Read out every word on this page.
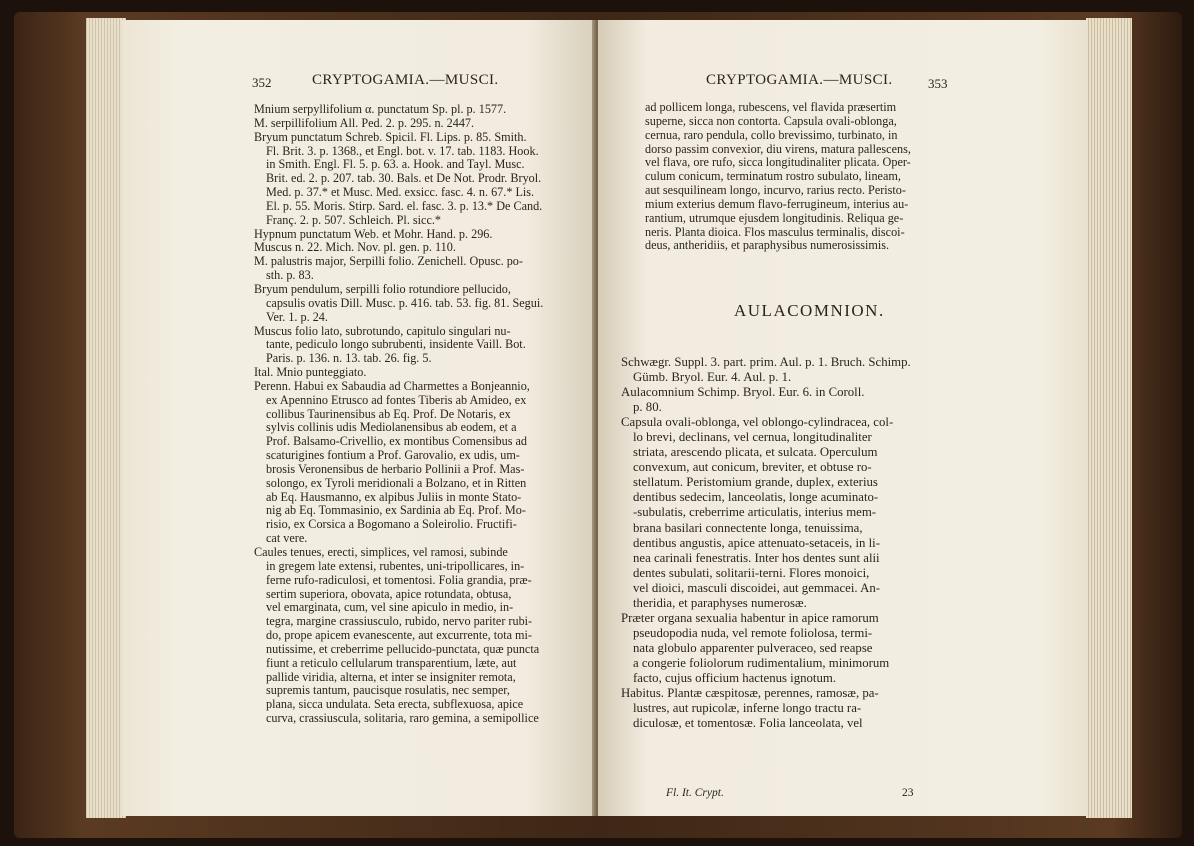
352	CRYPTOGAMIA.—MUSCI.
Mnium serpyllifolium α. punctatum Sp. pl. p. 1577.
M. serpillifolium All. Ped. 2. p. 295. n. 2447.
Bryum punctatum Schreb. Spicil. Fl. Lips. p. 85. Smith.
Fl. Brit. 3. p. 1368., et Engl. bot. v. 17. tab. 1183. Hook.
in Smith. Engl. Fl. 5. p. 63. a. Hook. and Tayl. Musc.
Brit. ed. 2. p. 207. tab. 30. Bals. et De Not. Prodr. Bryol.
Med. p. 37.* et Musc. Med. exsicc. fasc. 4. n. 67.* Lis.
El. p. 55. Moris. Stirp. Sard. el. fasc. 3. p. 13.* De Cand.
Franç. 2. p. 507. Schleich. Pl. sicc.*
Hypnum punctatum Web. et Mohr. Hand. p. 296.
Muscus n. 22. Mich. Nov. pl. gen. p. 110.
M. palustris major, Serpilli folio. Zenichell. Opusc. po-
sth. p. 83.
Bryum pendulum, serpilli folio rotundiore pellucido,
capsulis ovatis Dill. Musc. p. 416. tab. 53. fig. 81. Segui.
Ver. 1. p. 24.
Muscus folio lato, subrotundo, capitulo singulari nu-
tante, pediculo longo subrubenti, insidente Vaill. Bot.
Paris. p. 136. n. 13. tab. 26. fig. 5.
Ital. Mnio punteggiato.
Perenn. Habui ex Sabaudia ad Charmettes a Bonjeannio,
ex Apennino Etrusco ad fontes Tiberis ab Amideo, ex
collibus Taurinensibus ab Eq. Prof. De Notaris, ex
sylvis collinis udis Mediolanensibus ab eodem, et a
Prof. Balsamo-Crivellio, ex montibus Comensibus ad
scaturigines fontium a Prof. Garovalio, ex udis, um-
brosis Veronensibus de herbario Pollinii a Prof. Mas-
solongo, ex Tyroli meridionali a Bolzano, et in Ritten
ab Eq. Hausmanno, ex alpibus Juliis in monte Stato-
nig ab Eq. Tommasinio, ex Sardinia ab Eq. Prof. Mo-
risio, ex Corsica a Bogomano a Soleirolio. Fructifi-
cat vere.
Caules tenues, erecti, simplices, vel ramosi, subinde
in gregem late extensi, rubentes, uni-tripollicares, in-
ferne rufo-radiculosi, et tomentosi. Folia grandia, præ-
sertim superiora, obovata, apice rotundata, obtusa,
vel emarginata, cum, vel sine apiculo in medio, in-
tegra, margine crassiusculo, rubido, nervo pariter rubi-
do, prope apicem evanescente, aut excurrente, tota mi-
nutissime, et creberrime pellucido-punctata, quæ puncta
fiunt a reticulo cellularum transparentium, læte, aut
pallide viridia, alterna, et inter se insigniter remota,
supremis tantum, paucisque rosulatis, nec semper,
plana, sicca undulata. Seta erecta, subflexuosa, apice
curva, crassiuscula, solitaria, raro gemina, a semipollice
CRYPTOGAMIA.—MUSCI.	353
ad pollicem longa, rubescens, vel flavida præsertim
superne, sicca non contorta. Capsula ovali-oblonga,
cernua, raro pendula, collo brevissimo, turbinato, in
dorso passim convexior, diu virens, matura pallescens,
vel flava, ore rufo, sicca longitudinaliter plicata. Oper-
culum conicum, terminatum rostro subulato, lineam,
aut sesquilineam longo, incurvo, rarius recto. Peristo-
mium exterius demum flavo-ferrugineum, interius au-
rantium, utrumque ejusdem longitudinis. Reliqua ge-
neris. Planta dioica. Flos masculus terminalis, discoi-
deus, antheridiis, et paraphysibus numerosissimis.
AULACOMNION.
Schwægr. Suppl. 3. part. prim. Aul. p. 1. Bruch. Schimp.
Gümb. Bryol. Eur. 4. Aul. p. 1.
Aulacomnium Schimp. Bryol. Eur. 6. in Coroll.
p. 80.
Capsula ovali-oblonga, vel oblongo-cylindracea, col-
lo brevi, declinans, vel cernua, longitudinaliter
striata, arescendo plicata, et sulcata. Operculum
convexum, aut conicum, breviter, et obtuse ro-
stellatum. Peristomium grande, duplex, exterius
dentibus sedecim, lanceolatis, longe acuminato-
-subulatis, creberrime articulatis, interius mem-
brana basilari connectente longa, tenuissima,
dentibus angustis, apice attenuato-setaceis, in li-
nea carinali fenestratis. Inter hos dentes sunt alii
dentes subulati, solitarii-terni. Flores monoici,
vel dioici, masculi discoidei, aut gemmacei. An-
theridia, et paraphyses numerosæ.
Præter organa sexualia habentur in apice ramorum
pseudopodia nuda, vel remote foliolosa, termi-
nata globulo apparenter pulveraceo, sed reapse
a congerie foliolorum rudimentalium, minimorum
facto, cujus officium hactenus ignotum.
Habitus. Plantæ cæspitosæ, perennes, ramosæ, pa-
lustres, aut rupicolæ, inferne longo tractu ra-
diculosæ, et tomentosæ. Folia lanceolata, vel
Fl. It. Crypt.	23
